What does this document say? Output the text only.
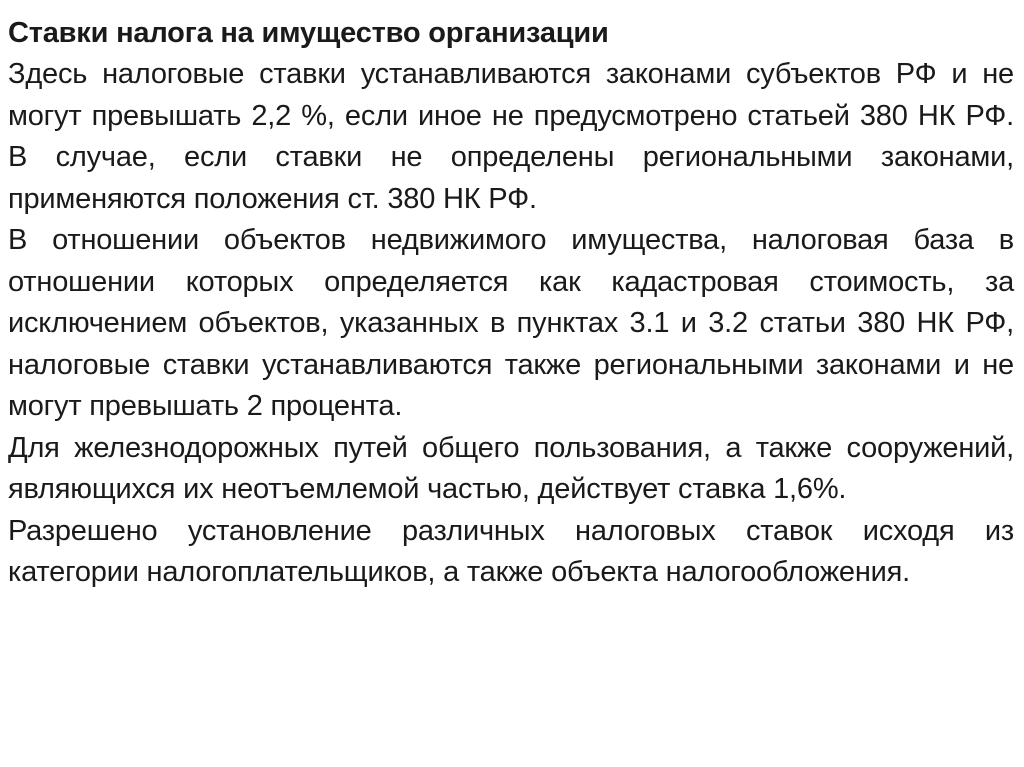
Ставки налога на имущество организации

Здесь налоговые ставки устанавливаются законами субъектов РФ и не могут превышать 2,2 %, если иное не предусмотрено статьей 380 НК РФ. В случае, если ставки не определены региональными законами, применяются положения ст. 380 НК РФ.

В отношении объектов недвижимого имущества, налоговая база в отношении которых определяется как кадастровая стоимость, за исключением объектов, указанных в пунктах 3.1 и 3.2 статьи 380 НК РФ, налоговые ставки устанавливаются также региональными законами и не могут превышать 2 процента.

Для железнодорожных путей общего пользования, а также сооружений, являющихся их неотъемлемой частью, действует ставка 1,6%.

Разрешено установление различных налоговых ставок исходя из категории налогоплательщиков, а также объекта налогообложения.
